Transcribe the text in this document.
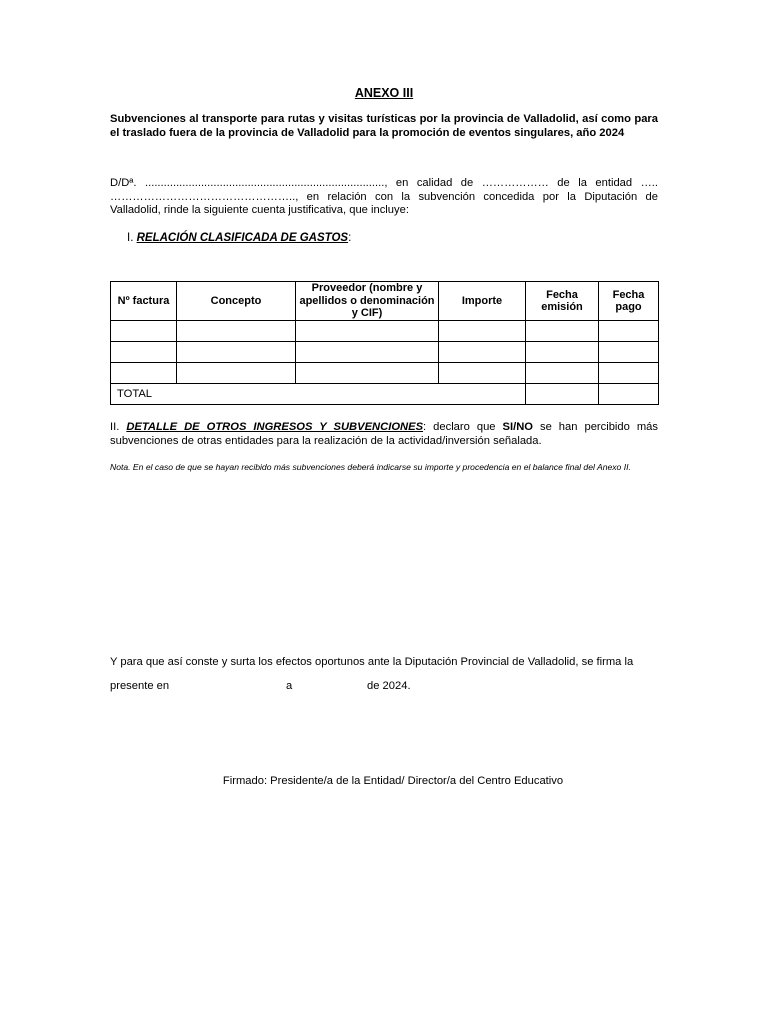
ANEXO III
Subvenciones al transporte para rutas y visitas turísticas por la provincia de Valladolid, así como para el traslado fuera de la provincia de Valladolid para la promoción de eventos singulares, año 2024
D/Dª. ............................................................................., en calidad de ……………… de la entidad ….. ………………………………………….., en relación con la subvención concedida por la Diputación de Valladolid, rinde la siguiente cuenta justificativa, que incluye:
I. RELACIÓN CLASIFICADA DE GASTOS:
Nº factura	Concepto	Proveedor (nombre y apellidos o denominación y CIF)	Importe	Fecha emisión	Fecha pago

TOTAL					
II. DETALLE DE OTROS INGRESOS Y SUBVENCIONES: declaro que SI/NO se han percibido más subvenciones de otras entidades para la realización de la actividad/inversión señalada.
Nota. En el caso de que se hayan recibido más subvenciones deberá indicarse su importe y procedencia en el balance final del Anexo II.
Y para que así conste y surta los efectos oportunos ante la Diputación Provincial de Valladolid, se firma la
presente en	a	de 2024.
Firmado: Presidente/a de la Entidad/ Director/a del Centro Educativo
